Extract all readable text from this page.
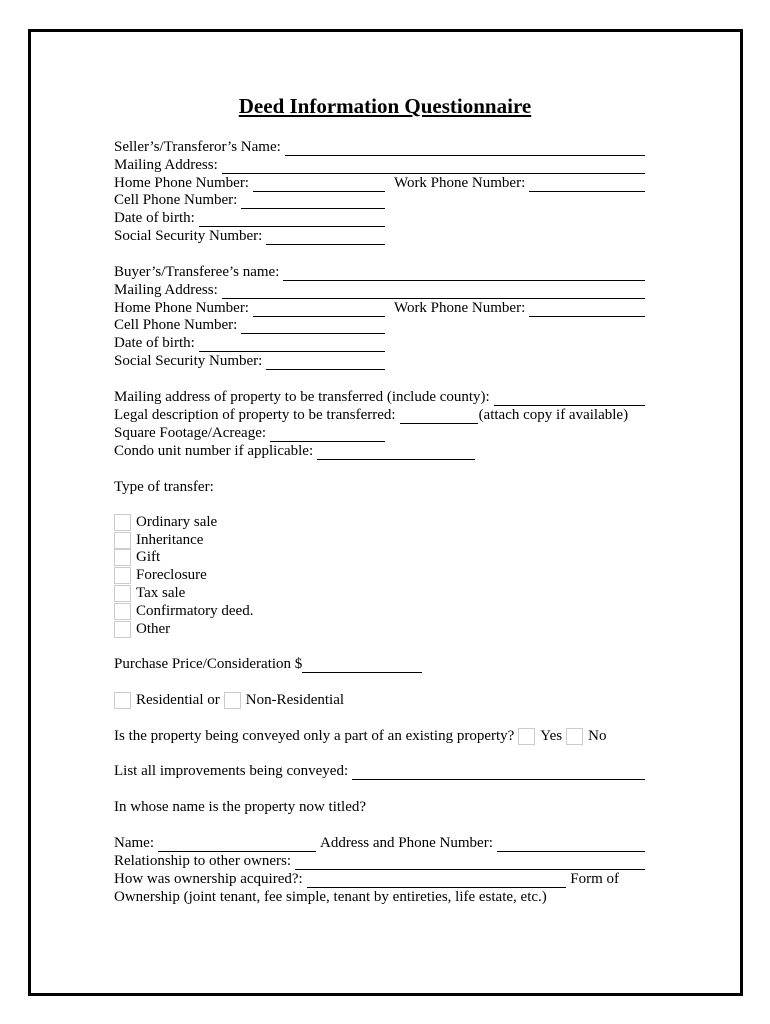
Deed Information Questionnaire
Seller’s/Transferor’s Name:
Mailing Address:
Home Phone Number:	Work Phone Number:
Cell Phone Number:
Date of birth:
Social Security Number:
Buyer’s/Transferee’s name:
Mailing Address:
Home Phone Number:	Work Phone Number:
Cell Phone Number:
Date of birth:
Social Security Number:
Mailing address of property to be transferred (include county):
Legal description of property to be transferred:	(attach copy if available)
Square Footage/Acreage:
Condo unit number if applicable:
Type of transfer:
Ordinary sale
Inheritance
Gift
Foreclosure
Tax sale
Confirmatory deed.
Other
Purchase Price/Consideration $
Residential or Non-Residential
Is the property being conveyed only a part of an existing property? Yes No
List all improvements being conveyed:
In whose name is the property now titled?
Name:	Address and Phone Number:
Relationship to other owners:
How was ownership acquired?:	Form of
Ownership (joint tenant, fee simple, tenant by entireties, life estate, etc.)
